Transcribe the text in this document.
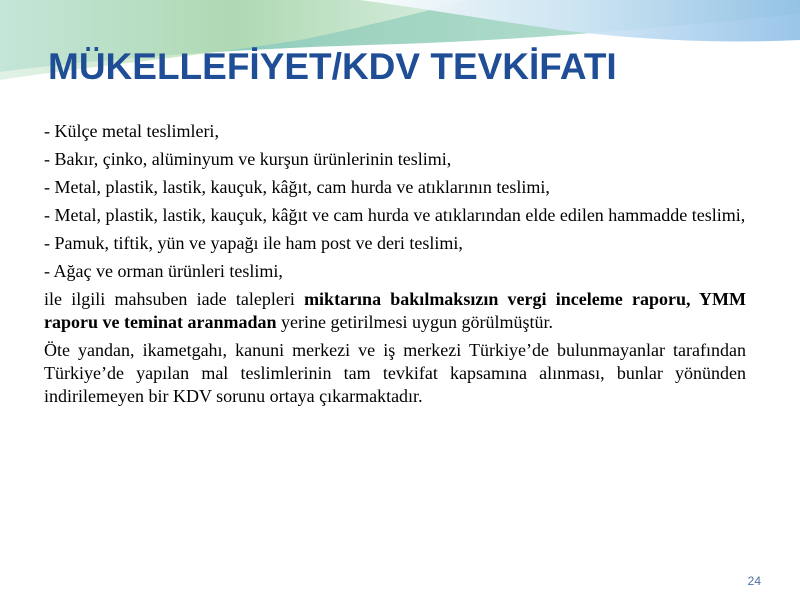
MÜKELLEFİYET/KDV TEVKİFATI

- Külçe metal teslimleri,

- Bakır, çinko, alüminyum ve kurşun ürünlerinin teslimi,

- Metal, plastik, lastik, kauçuk, kâğıt, cam hurda ve atıklarının teslimi,

- Metal, plastik, lastik, kauçuk, kâğıt ve cam hurda ve atıklarından elde edilen hammadde teslimi,

- Pamuk, tiftik, yün ve yapağı ile ham post ve deri teslimi,

- Ağaç ve orman ürünleri teslimi,

ile ilgili mahsuben iade talepleri miktarına bakılmaksızın vergi inceleme raporu, YMM raporu ve teminat aranmadan yerine getirilmesi uygun görülmüştür.

Öte yandan, ikametgahı, kanuni merkezi ve iş merkezi Türkiye’de bulunmayanlar tarafından Türkiye’de yapılan mal teslimlerinin tam tevkifat kapsamına alınması, bunlar yönünden indirilemeyen bir KDV sorunu ortaya çıkarmaktadır.

24
